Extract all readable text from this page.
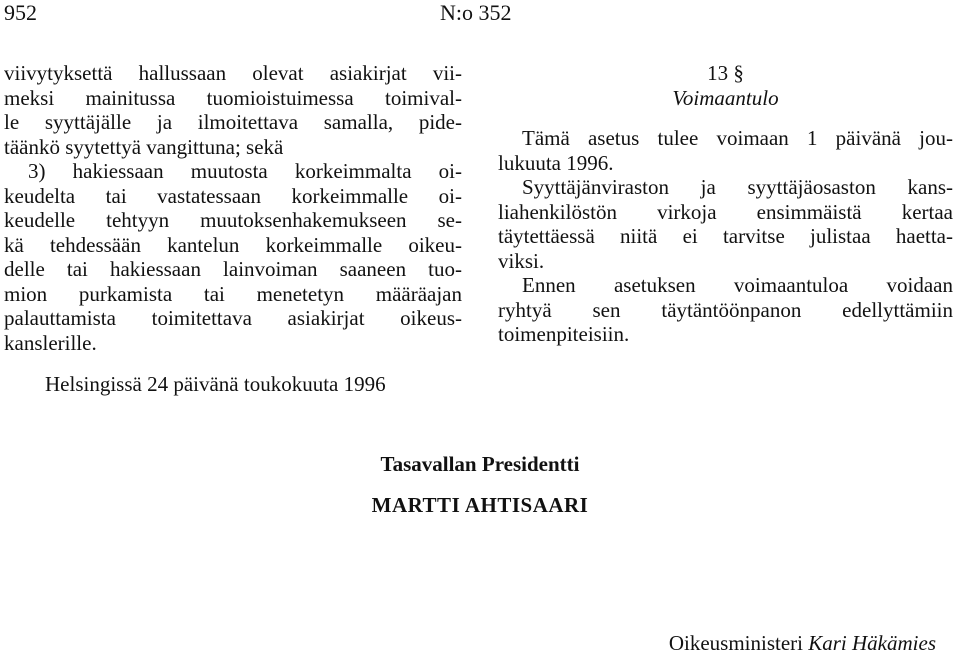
952	N:o 352
viivytyksettä hallussaan olevat asiakirjat vii-
meksi mainitussa tuomioistuimessa toimival-
le syyttäjälle ja ilmoitettava samalla, pide-
täänkö syytettyä vangittuna; sekä
3) hakiessaan muutosta korkeimmalta oi-
keudelta tai vastatessaan korkeimmalle oi-
keudelle tehtyyn muutoksenhakemukseen se-
kä tehdessään kantelun korkeimmalle oikeu-
delle tai hakiessaan lainvoiman saaneen tuo-
mion purkamista tai menetetyn määräajan
palauttamista toimitettava asiakirjat oikeus-
kanslerille.

13 §

Voimaantulo

Tämä asetus tulee voimaan 1 päivänä jou-
lukuuta 1996.
Syyttäjänviraston ja syyttäjäosaston kans-
liahenkilöstön virkoja ensimmäistä kertaa
täytettäessä niitä ei tarvitse julistaa haetta-
viksi.
Ennen asetuksen voimaantuloa voidaan
ryhtyä sen täytäntöönpanon edellyttämiin
toimenpiteisiin.
Helsingissä 24 päivänä toukokuuta 1996
Tasavallan Presidentti
MARTTI AHTISAARI
Oikeusministeri Kari Häkämies
